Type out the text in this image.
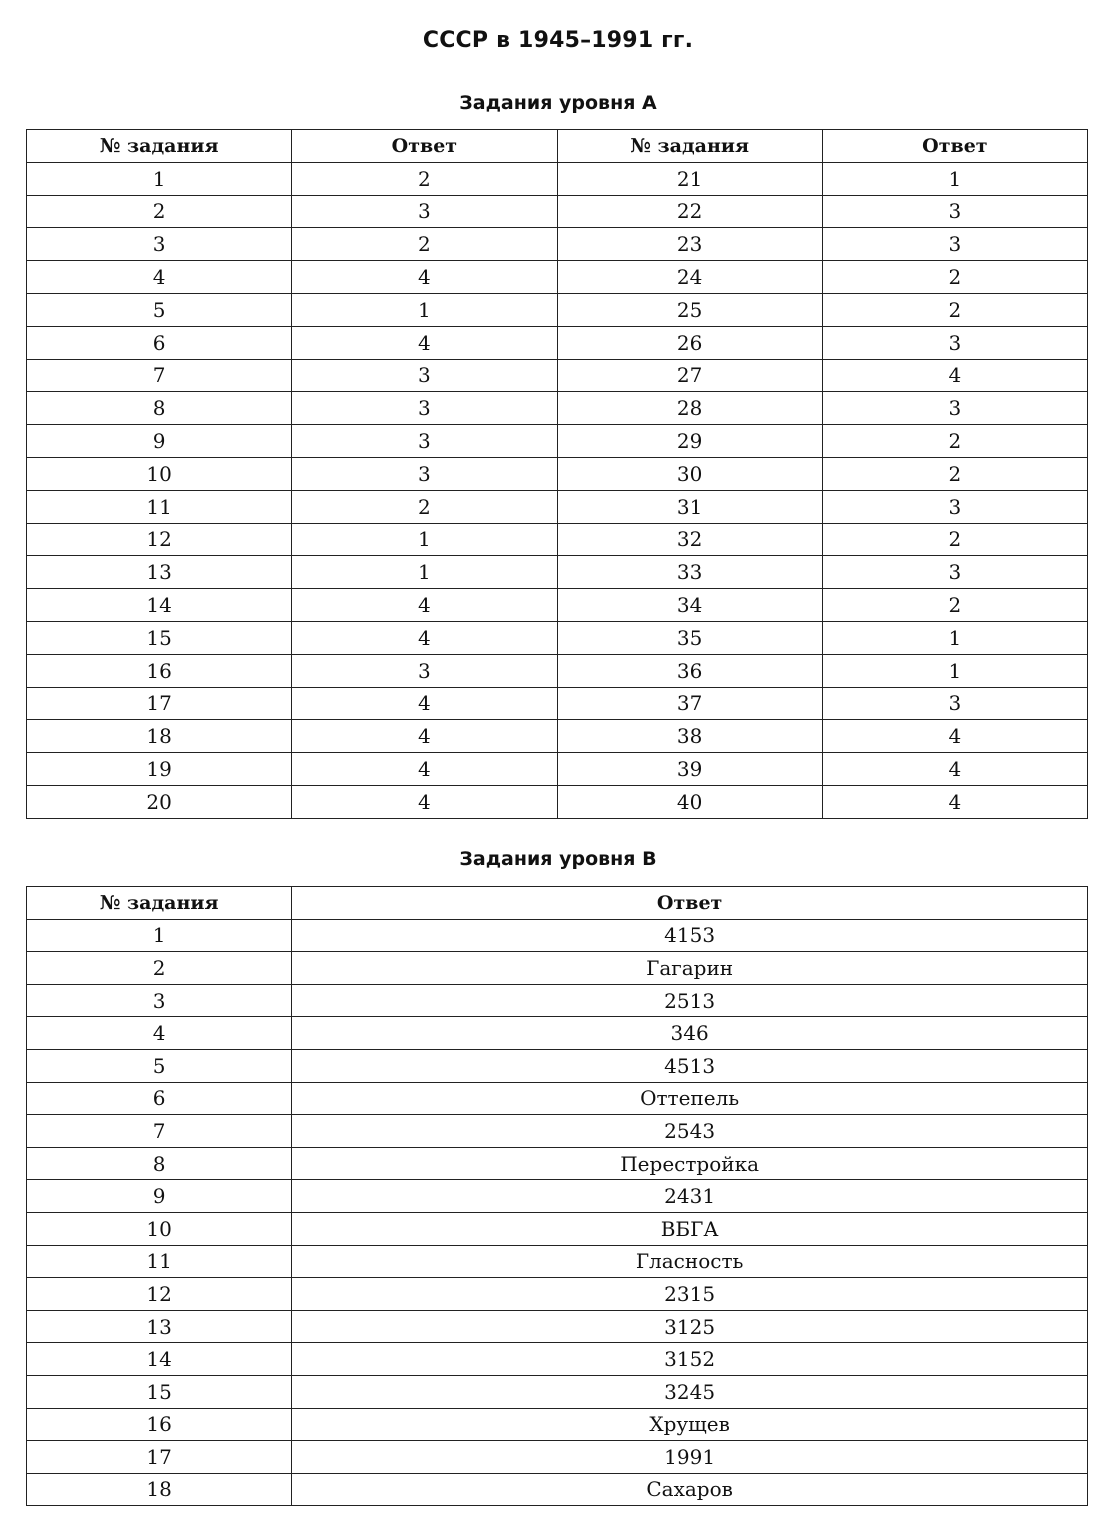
СССР в 1945–1991 гг.
Задания уровня А
№ задания	Ответ	№ задания	Ответ
1	2	21	1
2	3	22	3
3	2	23	3
4	4	24	2
5	1	25	2
6	4	26	3
7	3	27	4
8	3	28	3
9	3	29	2
10	3	30	2
11	2	31	3
12	1	32	2
13	1	33	3
14	4	34	2
15	4	35	1
16	3	36	1
17	4	37	3
18	4	38	4
19	4	39	4
20	4	40	4
Задания уровня В
№ задания	Ответ
1	4153
2	Гагарин
3	2513
4	346
5	4513
6	Оттепель
7	2543
8	Перестройка
9	2431
10	ВБГА
11	Гласность
12	2315
13	3125
14	3152
15	3245
16	Хрущев
17	1991
18	Сахаров
